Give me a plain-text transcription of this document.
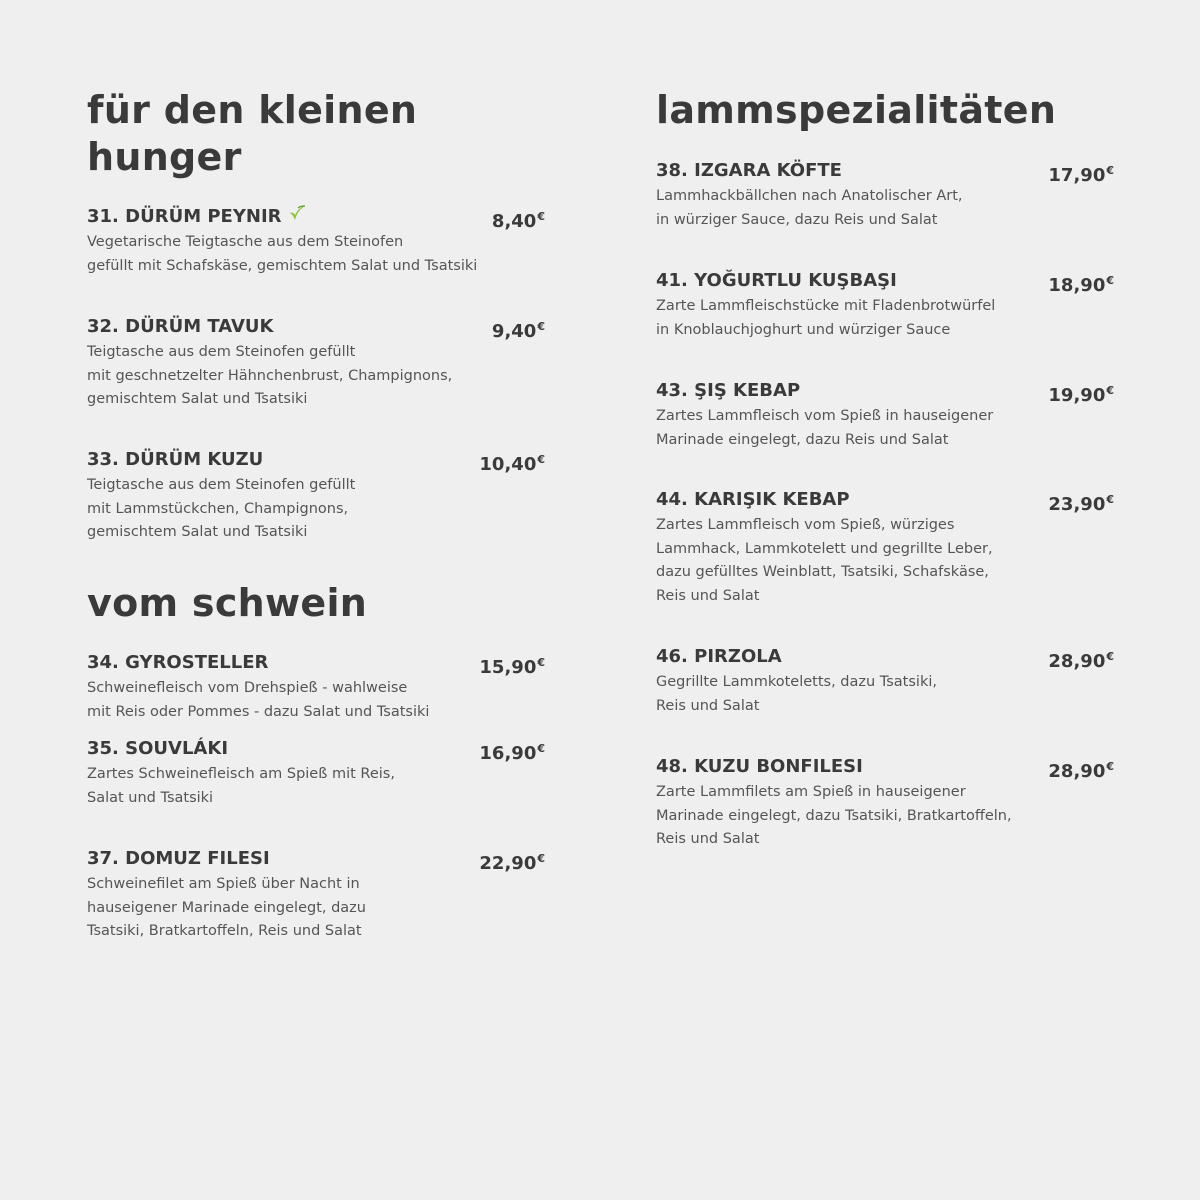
für den kleinen
hunger
31. DÜRÜM PEYNIR	8,40€

Vegetarische Teigtasche aus dem Steinofen
gefüllt mit Schafskäse, gemischtem Salat und Tsatsiki

32. DÜRÜM TAVUK	9,40€

Teigtasche aus dem Steinofen gefüllt
mit geschnetzelter Hähnchenbrust, Champignons,
gemischtem Salat und Tsatsiki

33. DÜRÜM KUZU	10,40€

Teigtasche aus dem Steinofen gefüllt
mit Lammstückchen, Champignons,
gemischtem Salat und Tsatsiki

vom schwein
34. GYROSTELLER	15,90€

Schweinefleisch vom Drehspieß - wahlweise
mit Reis oder Pommes - dazu Salat und Tsatsiki

35. SOUVLÁKI	16,90€

Zartes Schweinefleisch am Spieß mit Reis,
Salat und Tsatsiki

37. DOMUZ FILESI	22,90€

Schweinefilet am Spieß über Nacht in
hauseigener Marinade eingelegt, dazu
Tsatsiki, Bratkartoffeln, Reis und Salat

lammspezialitäten
38. IZGARA KÖFTE	17,90€

Lammhackbällchen nach Anatolischer Art,
in würziger Sauce, dazu Reis und Salat

41. YOĞURTLU KUŞBAŞI	18,90€

Zarte Lammfleischstücke mit Fladenbrotwürfel
in Knoblauchjoghurt und würziger Sauce

43. ŞIŞ KEBAP	19,90€

Zartes Lammfleisch vom Spieß in hauseigener
Marinade eingelegt, dazu Reis und Salat

44. KARIŞIK KEBAP	23,90€

Zartes Lammfleisch vom Spieß, würziges
Lammhack, Lammkotelett und gegrillte Leber,
dazu gefülltes Weinblatt, Tsatsiki, Schafskäse,
Reis und Salat

46. PIRZOLA	28,90€

Gegrillte Lammkoteletts, dazu Tsatsiki,
Reis und Salat

48. KUZU BONFILESI	28,90€

Zarte Lammfilets am Spieß in hauseigener
Marinade eingelegt, dazu Tsatsiki, Bratkartoffeln,
Reis und Salat
